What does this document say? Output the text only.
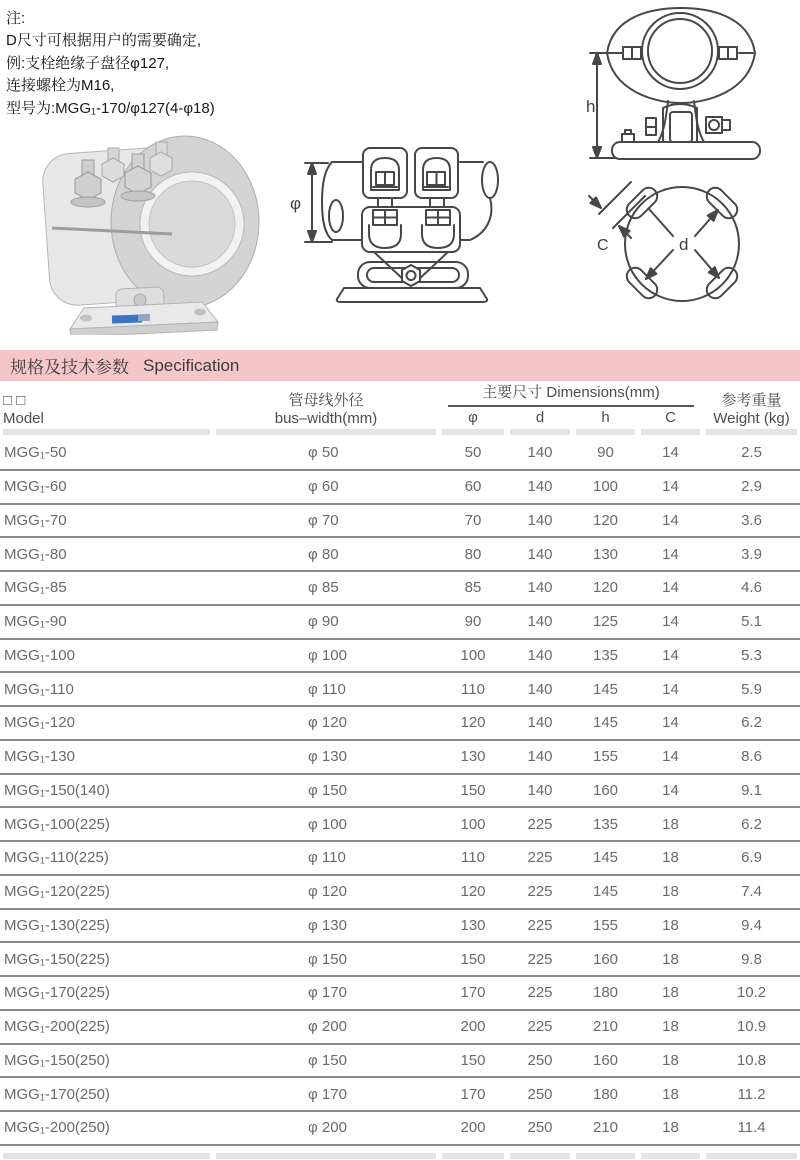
注:
D尺寸可根据用户的需要确定,
例:支栓绝缘子盘径φ127,
连接螺栓为M16,
型号为:MGG₁-170/φ127(4-φ18)
φ
h
d
C
规格及技术参数 Specification
□ □
Model
管母线外径
bus–width(mm)
主要尺寸 Dimensions(mm)
φ	d	h	C
参考重量
Weight (kg)
MGG₁-50	φ 50	50	140	90	14	2.5
MGG₁-60	φ 60	60	140	100	14	2.9
MGG₁-70	φ 70	70	140	120	14	3.6
MGG₁-80	φ 80	80	140	130	14	3.9
MGG₁-85	φ 85	85	140	120	14	4.6
MGG₁-90	φ 90	90	140	125	14	5.1
MGG₁-100	φ 100	100	140	135	14	5.3
MGG₁-110	φ 110	110	140	145	14	5.9
MGG₁-120	φ 120	120	140	145	14	6.2
MGG₁-130	φ 130	130	140	155	14	8.6
MGG₁-150(140)	φ 150	150	140	160	14	9.1
MGG₁-100(225)	φ 100	100	225	135	18	6.2
MGG₁-110(225)	φ 110	110	225	145	18	6.9
MGG₁-120(225)	φ 120	120	225	145	18	7.4
MGG₁-130(225)	φ 130	130	225	155	18	9.4
MGG₁-150(225)	φ 150	150	225	160	18	9.8
MGG₁-170(225)	φ 170	170	225	180	18	10.2
MGG₁-200(225)	φ 200	200	225	210	18	10.9
MGG₁-150(250)	φ 150	150	250	160	18	10.8
MGG₁-170(250)	φ 170	170	250	180	18	11.2
MGG₁-200(250)	φ 200	200	250	210	18	11.4
